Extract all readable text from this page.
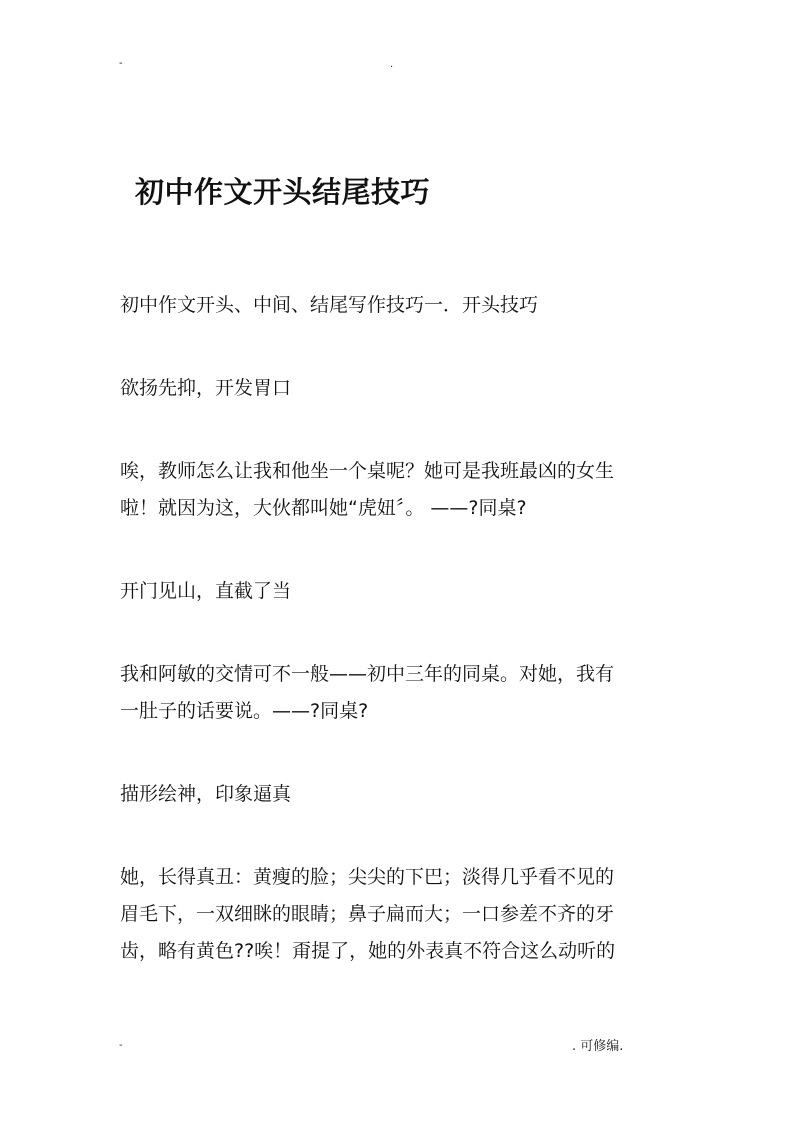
-	.
初中作文开头结尾技巧

初中作文开头、中间、结尾写作技巧一．开头技巧

欲扬先抑，开发胃口

唉，教师怎么让我和他坐一个桌呢？她可是我班最凶的女生
啦！就因为这，大伙都叫她“虎妞〞。 ——?同桌?

开门见山，直截了当

我和阿敏的交情可不一般——初中三年的同桌。对她，我有
一肚子的话要说。——?同桌?

描形绘神，印象逼真

她，长得真丑：黄瘦的脸；尖尖的下巴；淡得几乎看不见的
眉毛下，一双细眯的眼睛；鼻子扁而大；一口参差不齐的牙
齿，略有黄色??唉！甭提了，她的外表真不符合这么动听的

-	. 可修编.
